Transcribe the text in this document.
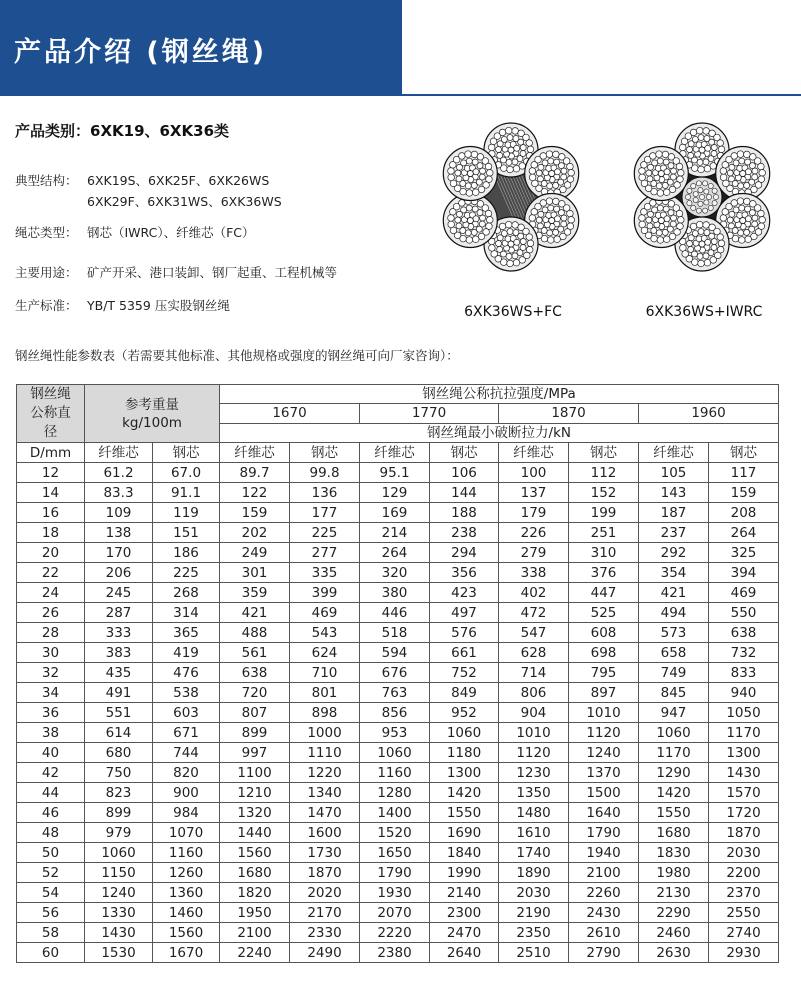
产品介绍 (钢丝绳)
产品类别：6XK19、6XK36类
典型结构： 6XK19S、6XK25F、6XK26WS
6XK29F、6XK31WS、6XK36WS
绳芯类型： 钢芯（IWRC）、纤维芯（FC）
主要用途： 矿产开采、港口装卸、钢厂起重、工程机械等
生产标准： YB/T 5359 压实股钢丝绳	6XK36WS+FC	6XK36WS+IWRC
钢丝绳性能参数表（若需要其他标准、其他规格或强度的钢丝绳可向厂家咨询）：
钢丝绳公称直径	参考重量
kg/100m		钢丝绳公称抗拉强度/MPa							
			1670		1770		1870		1960	
			钢丝绳最小破断拉力/kN							
D/mm	纤维芯	钢芯	纤维芯	钢芯	纤维芯	钢芯	纤维芯	钢芯	纤维芯	钢芯
12	61.2	67.0	89.7	99.8	95.1	106	100	112	105	117
14	83.3	91.1	122	136	129	144	137	152	143	159
16	109	119	159	177	169	188	179	199	187	208
18	138	151	202	225	214	238	226	251	237	264
20	170	186	249	277	264	294	279	310	292	325
22	206	225	301	335	320	356	338	376	354	394
24	245	268	359	399	380	423	402	447	421	469
26	287	314	421	469	446	497	472	525	494	550
28	333	365	488	543	518	576	547	608	573	638
30	383	419	561	624	594	661	628	698	658	732
32	435	476	638	710	676	752	714	795	749	833
34	491	538	720	801	763	849	806	897	845	940
36	551	603	807	898	856	952	904	1010	947	1050
38	614	671	899	1000	953	1060	1010	1120	1060	1170
40	680	744	997	1110	1060	1180	1120	1240	1170	1300
42	750	820	1100	1220	1160	1300	1230	1370	1290	1430
44	823	900	1210	1340	1280	1420	1350	1500	1420	1570
46	899	984	1320	1470	1400	1550	1480	1640	1550	1720
48	979	1070	1440	1600	1520	1690	1610	1790	1680	1870
50	1060	1160	1560	1730	1650	1840	1740	1940	1830	2030
52	1150	1260	1680	1870	1790	1990	1890	2100	1980	2200
54	1240	1360	1820	2020	1930	2140	2030	2260	2130	2370
56	1330	1460	1950	2170	2070	2300	2190	2430	2290	2550
58	1430	1560	2100	2330	2220	2470	2350	2610	2460	2740
60	1530	1670	2240	2490	2380	2640	2510	2790	2630	2930
